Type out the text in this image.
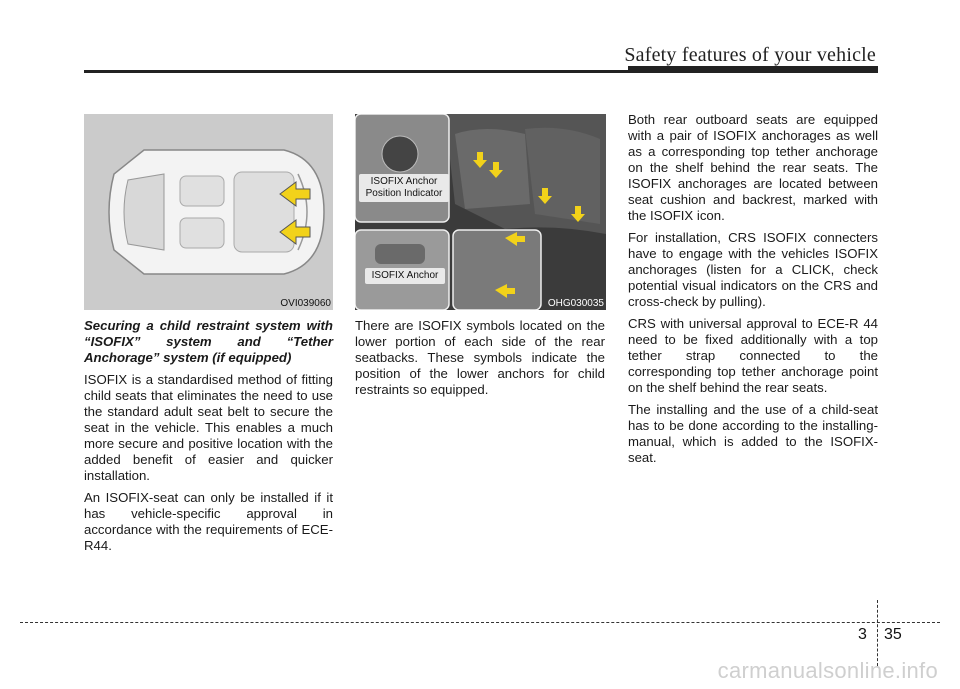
Safety features of your vehicle
OVI039060
ISOFIX Anchor
Position Indicator
ISOFIX Anchor
OHG030035
Securing a child restraint system with “ISOFIX” system and “Tether Anchorage” system (if equipped)

ISOFIX is a standardised method of fitting child seats that eliminates the need to use the standard adult seat belt to secure the seat in the vehicle. This enables a much more secure and positive location with the added benefit of easier and quicker installation.

An ISOFIX-seat can only be installed if it has vehicle-specific approval in accordance with the requirements of ECE-R44.

There are ISOFIX symbols located on the lower portion of each side of the rear seatbacks. These symbols indicate the position of the lower anchors for child restraints so equipped.

Both rear outboard seats are equipped with a pair of ISOFIX anchorages as well as a corresponding top tether anchorage on the shelf behind the rear seats. The ISOFIX anchorages are located between seat cushion and backrest, marked with the ISOFIX icon.

For installation, CRS ISOFIX connecters have to engage with the vehicles ISOFIX anchorages (listen for a CLICK, check potential visual indicators on the CRS and cross-check by pulling).

CRS with universal approval to ECE-R 44 need to be fixed additionally with a top tether strap connected to the corresponding top tether anchorage point on the shelf behind the rear seats.

The installing and the use of a child-seat has to be done according to the installing-manual, which is added to the ISOFIX-seat.

3 35
carmanualsonline.info
